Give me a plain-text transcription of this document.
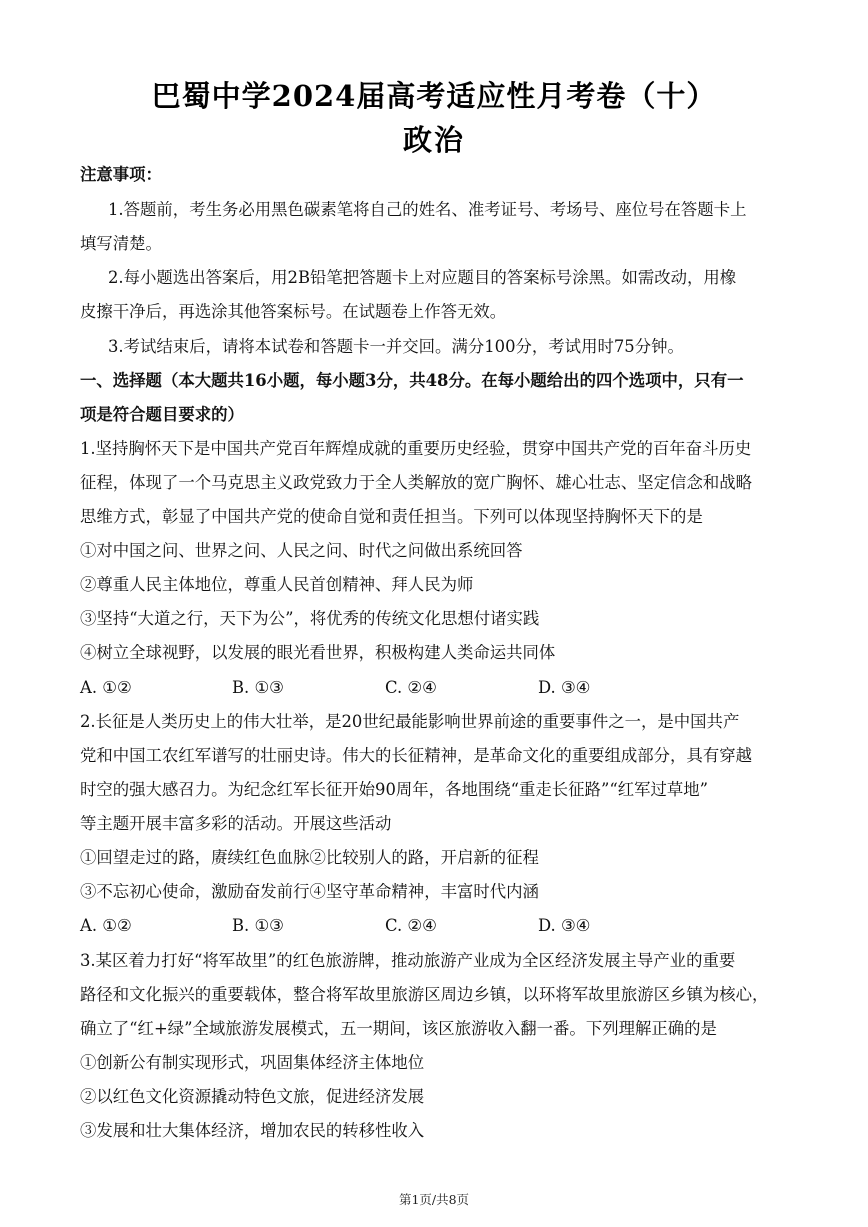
巴蜀中学2024届高考适应性月考卷（十）
政治
注意事项：
1.答题前，考生务必用黑色碳素笔将自己的姓名、准考证号、考场号、座位号在答题卡上
填写清楚。
2.每小题选出答案后，用2B铅笔把答题卡上对应题目的答案标号涂黑。如需改动，用橡
皮擦干净后，再选涂其他答案标号。在试题卷上作答无效。
3.考试结束后，请将本试卷和答题卡一并交回。满分100分，考试用时75分钟。
一、选择题（本大题共16小题，每小题3分，共48分。在每小题给出的四个选项中，只有一
项是符合题目要求的）
1.坚持胸怀天下是中国共产党百年辉煌成就的重要历史经验，贯穿中国共产党的百年奋斗历史
征程，体现了一个马克思主义政党致力于全人类解放的宽广胸怀、雄心壮志、坚定信念和战略
思维方式，彰显了中国共产党的使命自觉和责任担当。下列可以体现坚持胸怀天下的是
①对中国之问、世界之问、人民之问、时代之问做出系统回答
②尊重人民主体地位，尊重人民首创精神、拜人民为师
③坚持“大道之行，天下为公”，将优秀的传统文化思想付诸实践
④树立全球视野，以发展的眼光看世界，积极构建人类命运共同体
A. ①②	B. ①③	C. ②④	D. ③④
2.长征是人类历史上的伟大壮举，是20世纪最能影响世界前途的重要事件之一，是中国共产
党和中国工农红军谱写的壮丽史诗。伟大的长征精神，是革命文化的重要组成部分，具有穿越
时空的强大感召力。为纪念红军长征开始90周年，各地围绕“重走长征路”“红军过草地”
等主题开展丰富多彩的活动。开展这些活动
①回望走过的路，赓续红色血脉②比较别人的路，开启新的征程
③不忘初心使命，激励奋发前行④坚守革命精神，丰富时代内涵
A. ①②	B. ①③	C. ②④	D. ③④
3.某区着力打好“将军故里”的红色旅游牌，推动旅游产业成为全区经济发展主导产业的重要
路径和文化振兴的重要载体，整合将军故里旅游区周边乡镇，以环将军故里旅游区乡镇为核心，
确立了“红+绿”全域旅游发展模式，五一期间，该区旅游收入翻一番。下列理解正确的是
①创新公有制实现形式，巩固集体经济主体地位
②以红色文化资源撬动特色文旅，促进经济发展
③发展和壮大集体经济，增加农民的转移性收入
第1页/共8页
